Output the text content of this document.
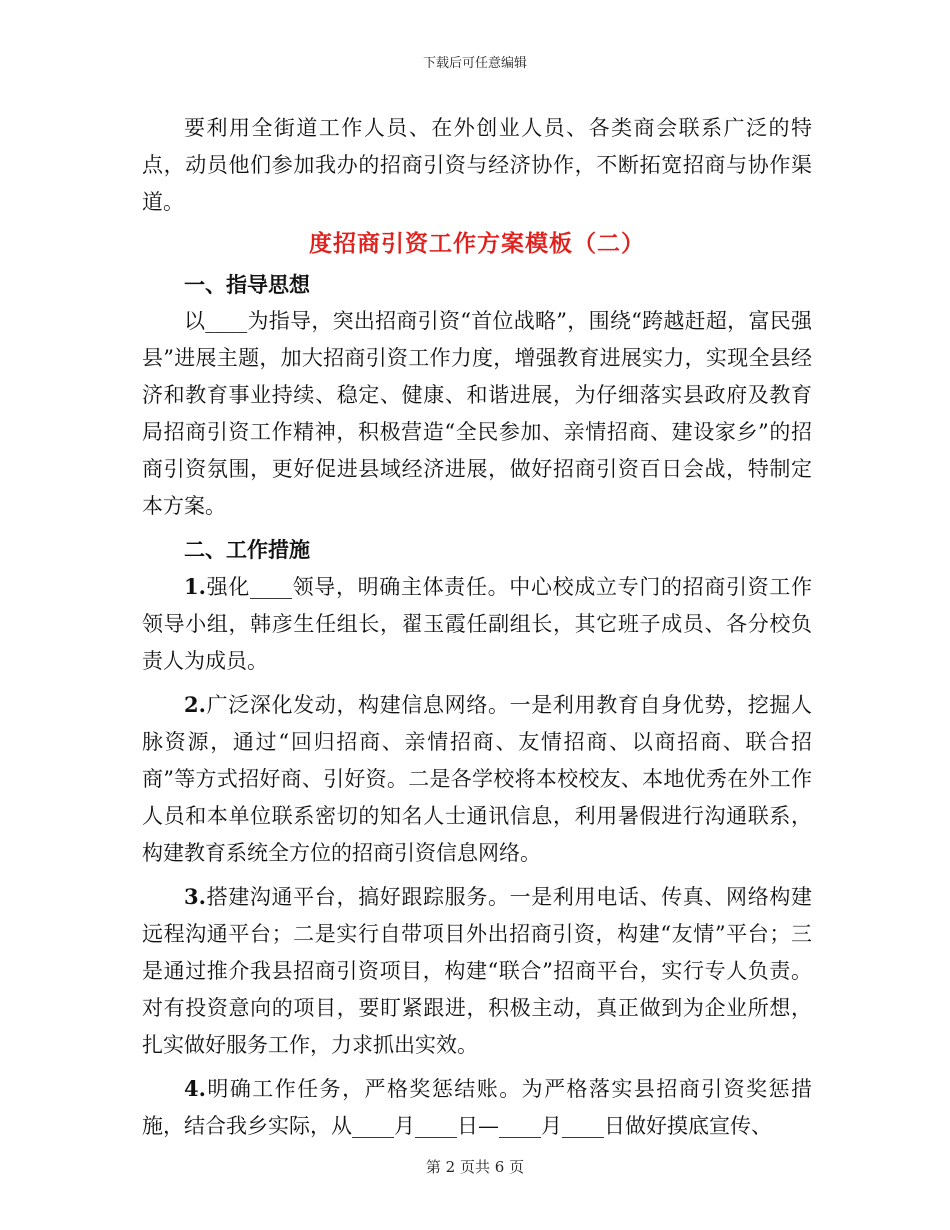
下载后可任意编辑

要利用全街道工作人员、在外创业人员、各类商会联系广泛的特点，动员他们参加我办的招商引资与经济协作，不断拓宽招商与协作渠道。

度招商引资工作方案模板（二）
一、指导思想

以____为指导，突出招商引资“首位战略”，围绕“跨越赶超，富民强县”进展主题，加大招商引资工作力度，增强教育进展实力，实现全县经济和教育事业持续、稳定、健康、和谐进展，为仔细落实县政府及教育局招商引资工作精神，积极营造“全民参加、亲情招商、建设家乡”的招商引资氛围，更好促进县域经济进展，做好招商引资百日会战，特制定本方案。

二、工作措施

1.强化____领导，明确主体责任。中心校成立专门的招商引资工作领导小组，韩彦生任组长，翟玉霞任副组长，其它班子成员、各分校负责人为成员。

2.广泛深化发动，构建信息网络。一是利用教育自身优势，挖掘人脉资源，通过“回归招商、亲情招商、友情招商、以商招商、联合招商”等方式招好商、引好资。二是各学校将本校校友、本地优秀在外工作人员和本单位联系密切的知名人士通讯信息，利用暑假进行沟通联系，构建教育系统全方位的招商引资信息网络。

3.搭建沟通平台，搞好跟踪服务。一是利用电话、传真、网络构建远程沟通平台；二是实行自带项目外出招商引资，构建“友情”平台；三是通过推介我县招商引资项目，构建“联合”招商平台，实行专人负责。对有投资意向的项目，要盯紧跟进，积极主动，真正做到为企业所想，扎实做好服务工作，力求抓出实效。

4.明确工作任务，严格奖惩结账。为严格落实县招商引资奖惩措施，结合我乡实际，从____月____日—____月____日做好摸底宣传、

第 2 页共 6 页
